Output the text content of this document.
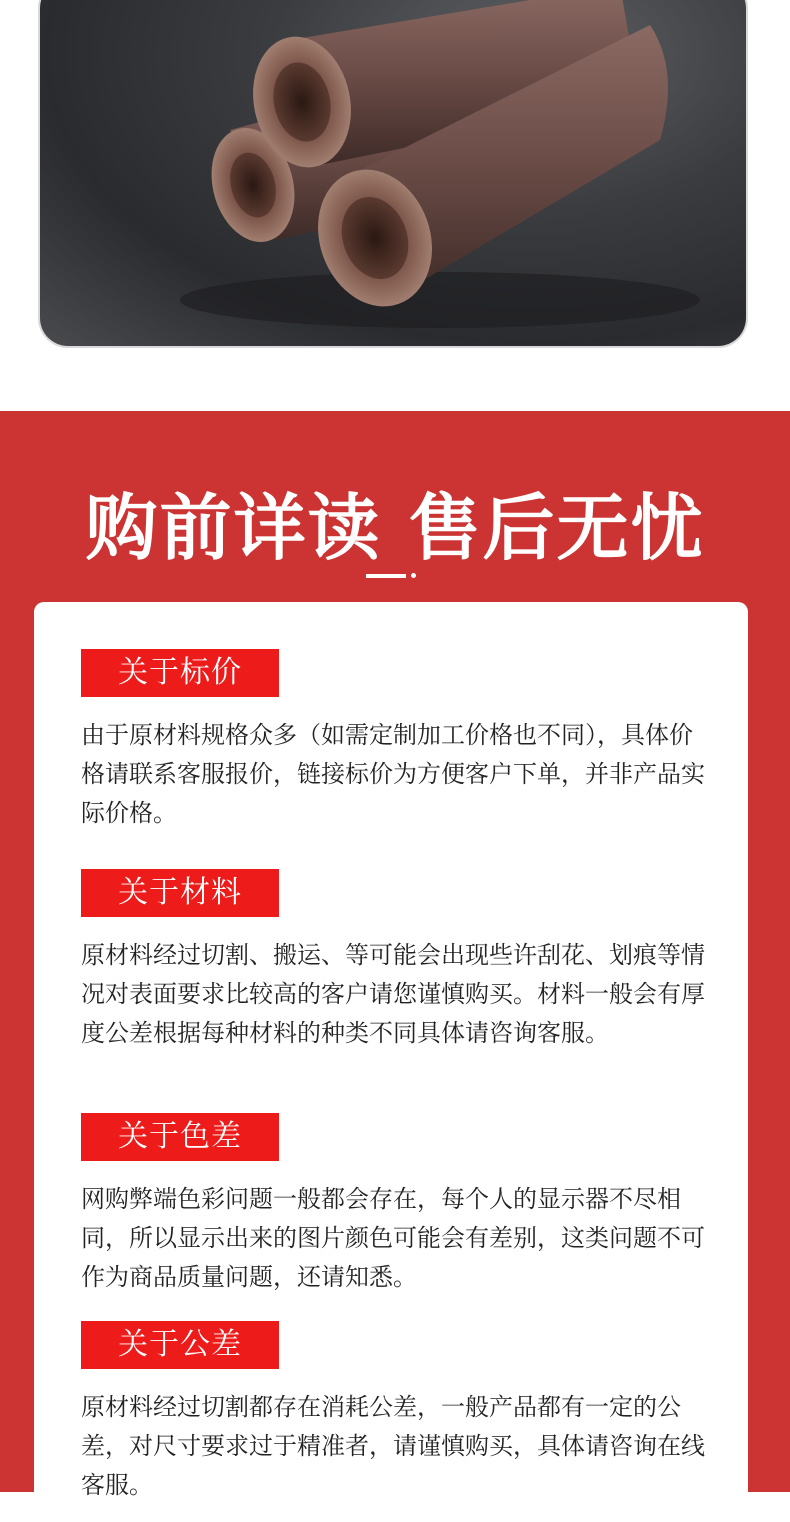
购前详读 售后无忧
关于标价
由于原材料规格众多（如需定制加工价格也不同），具体价格请联系客服报价，链接标价为方便客户下单，并非产品实际价格。
关于材料
原材料经过切割、搬运、等可能会出现些许刮花、划痕等情况对表面要求比较高的客户请您谨慎购买。材料一般会有厚度公差根据每种材料的种类不同具体请咨询客服。
关于色差
网购弊端色彩问题一般都会存在，每个人的显示器不尽相同，所以显示出来的图片颜色可能会有差别，这类问题不可作为商品质量问题，还请知悉。
关于公差
原材料经过切割都存在消耗公差，一般产品都有一定的公差，对尺寸要求过于精准者，请谨慎购买，具体请咨询在线客服。
